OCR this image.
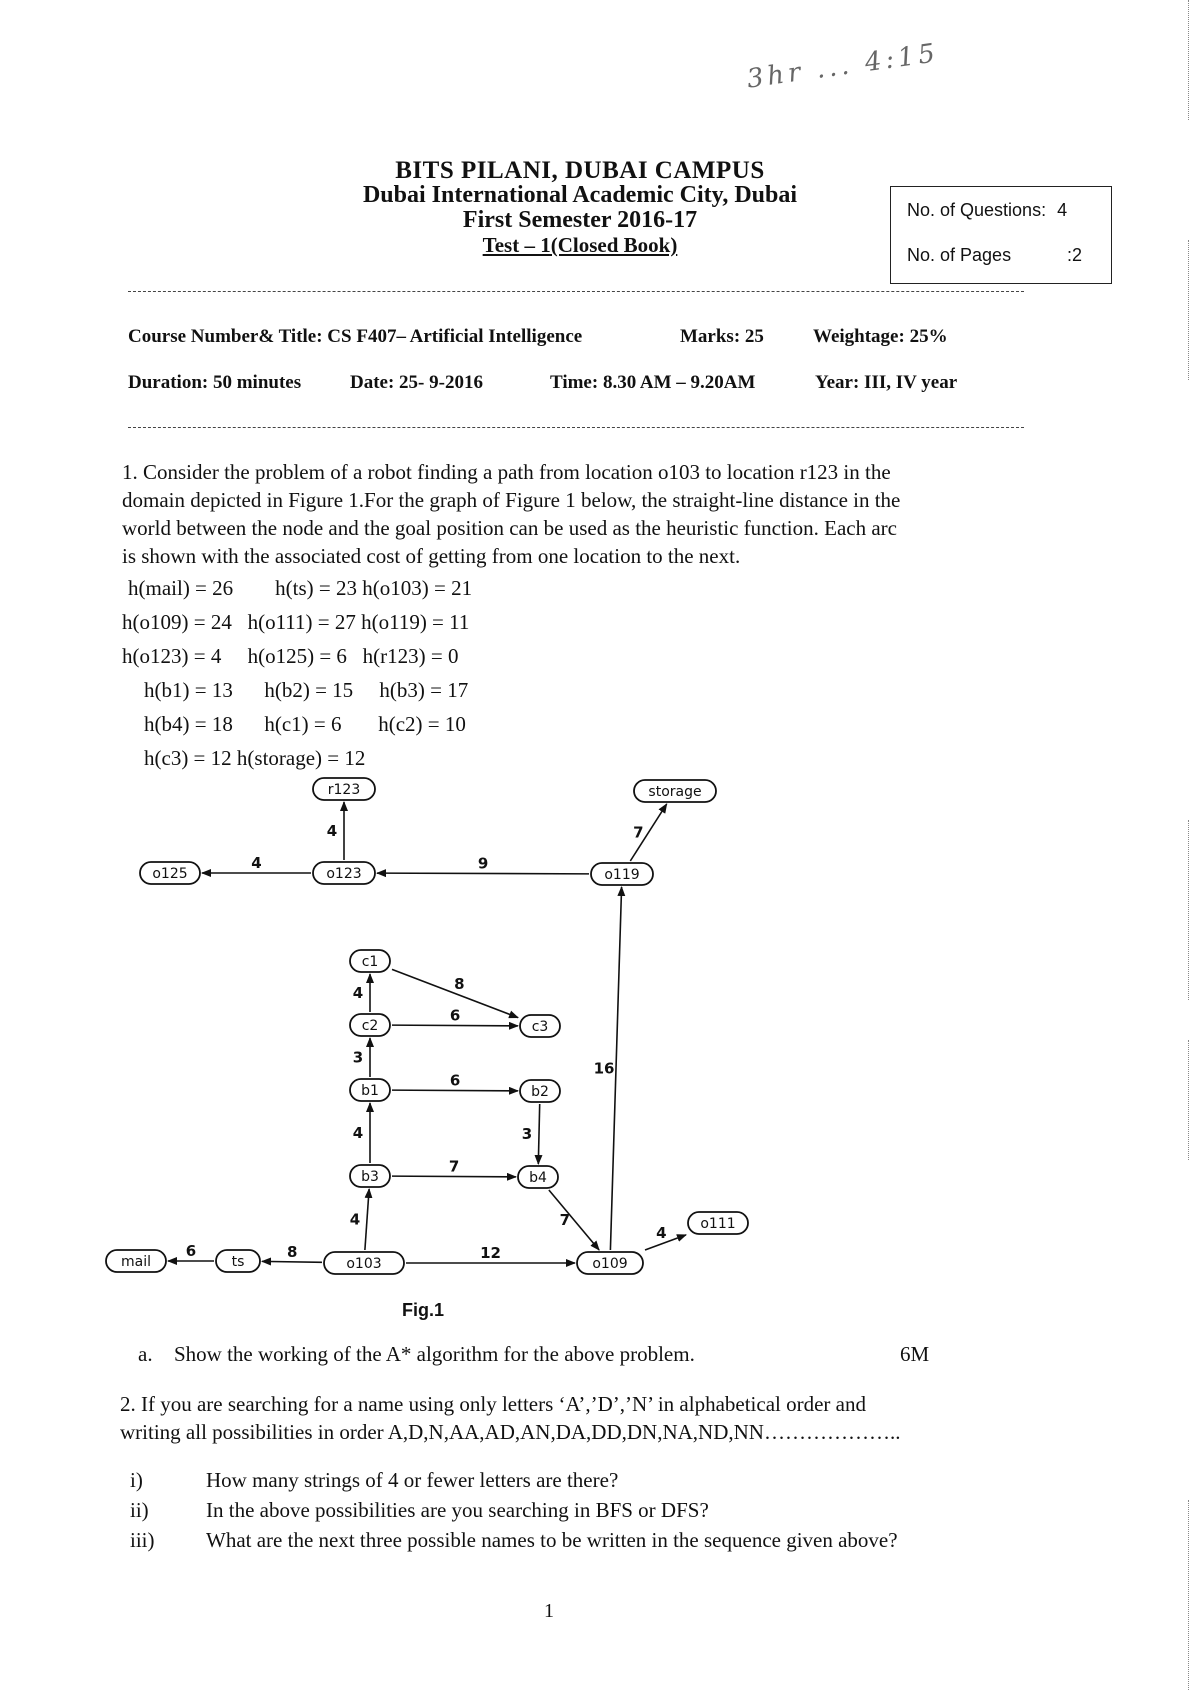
3hr ... 4:15
BITS PILANI, DUBAI CAMPUS
Dubai International Academic City, Dubai
First Semester 2016-17
Test – 1(Closed Book)
No. of Questions: 4
No. of Pages	:2
Course Number& Title: CS F407– Artificial Intelligence	Marks: 25	Weightage: 25%
Duration: 50 minutes	Date: 25- 9-2016	Time: 8.30 AM – 9.20AM	Year: III, IV year
1. Consider the problem of a robot finding a path from location o103 to location r123 in the
domain depicted in Figure 1.For the graph of Figure 1 below, the straight-line distance in the
world between the node and the goal position can be used as the heuristic function. Each arc
is shown with the associated cost of getting from one location to the next.
h(mail) = 26        h(ts) = 23 h(o103) = 21
h(o109) = 24   h(o111) = 27 h(o119) = 11
h(o123) = 4     h(o125) = 6   h(r123) = 0
h(b1) = 13      h(b2) = 15     h(b3) = 17
h(b4) = 18      h(c1) = 6       h(c2) = 10
h(c3) = 12 h(storage) = 12
4
4	9
7
16
4	8
6
3
6
3
4
7
7
4
12
8
6
4
r123	storage
o125	o123	o119
c1
c2	c3
b1	b2
b3	b4
mail	ts	o103	o109
o111
Fig.1
a. Show the working of the A* algorithm for the above problem.	6M
2. If you are searching for a name using only letters ‘A’,’D’,’N’ in alphabetical order and
writing all possibilities in order A,D,N,AA,AD,AN,DA,DD,DN,NA,ND,NN………………..
i)	How many strings of 4 or fewer letters are there?
ii)	In the above possibilities are you searching in BFS or DFS?
iii) What are the next three possible names to be written in the sequence given above?
1
